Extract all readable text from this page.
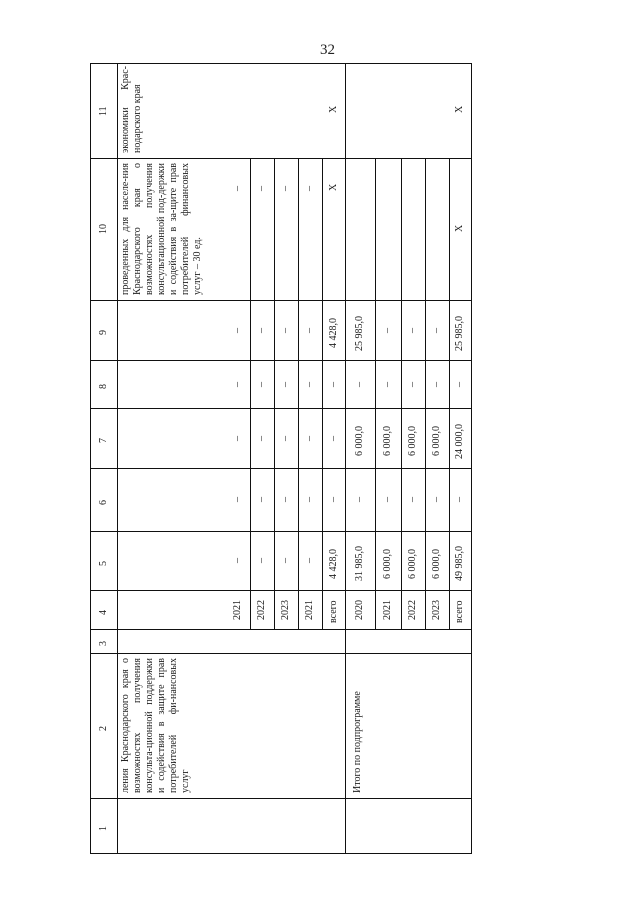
32
11
10
9
8
7
6
5
4
3
2
1
ления Краснодарского края о возможностях получения консульта-ционной поддержки и содействия в защите прав потребителей фи-нансовых услуг
проведенных для населе-ния Краснодарского края о возможностях получения консультационной под-держки и содействия в за-щите прав потребителей финансовых услуг – 30 ед.
экономики Крас-нодарского края
2021
–
–
–
–
–
–
2022
–
–
–
–
–
–
2023
–
–
–
–
–
–
2021
–
–
–
–
–
–
всего
4 428,0
–
–
–
4 428,0
X
X
Итого по подпрограмме
2020
31 985,0
–
6 000,0
–
25 985,0
2021
6 000,0
–
6 000,0
–
–
2022
6 000,0
–
6 000,0
–
–
2023
6 000,0
–
6 000,0
–
–
всего
49 985,0
–
24 000,0
–
25 985,0
X
X
